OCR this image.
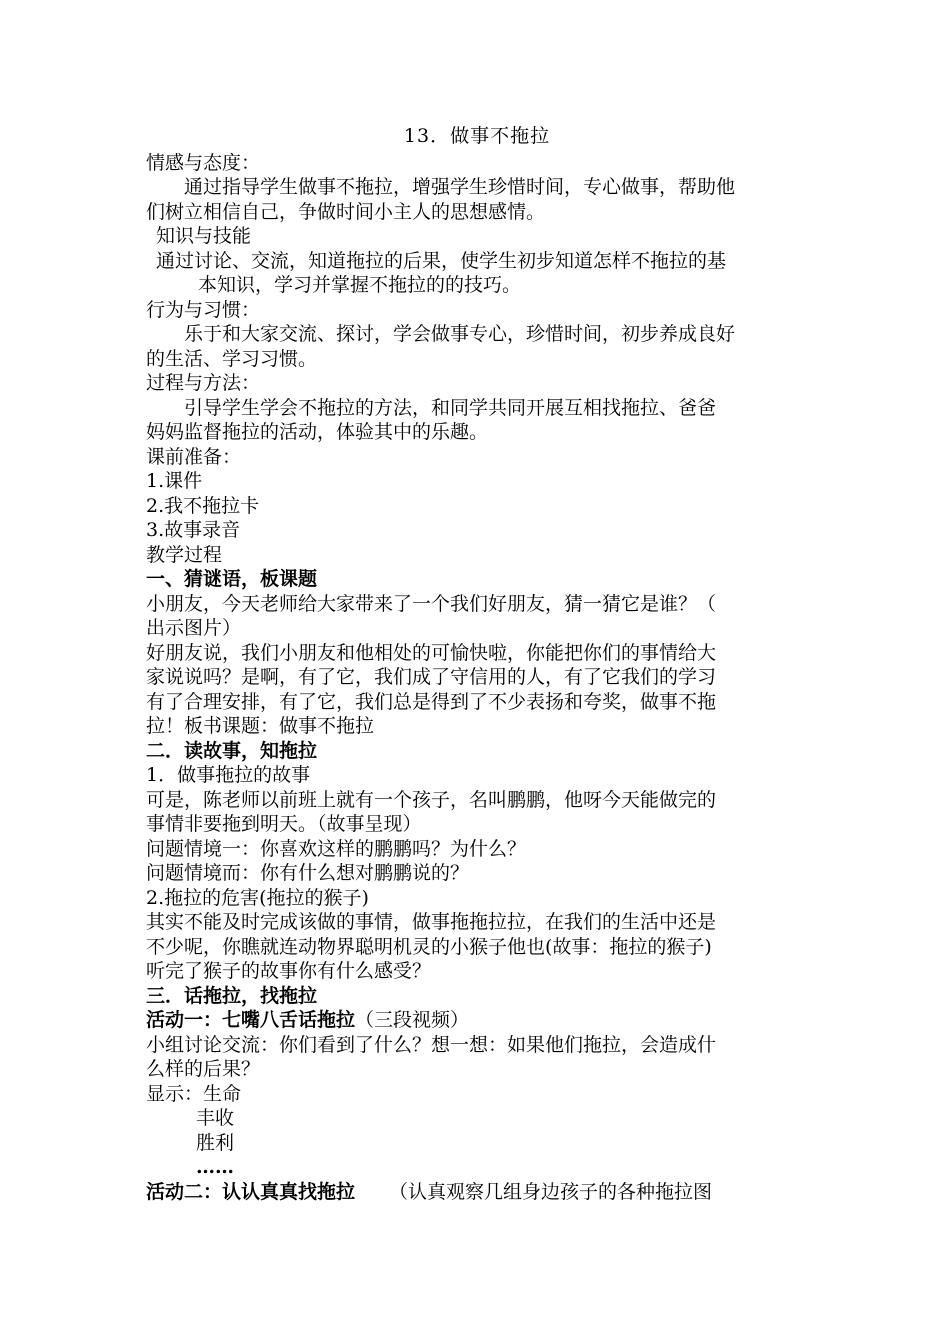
13．做事不拖拉
情感与态度：
通过指导学生做事不拖拉，增强学生珍惜时间，专心做事，帮助他
们树立相信自己，争做时间小主人的思想感情。
知识与技能
通过讨论、交流，知道拖拉的后果，使学生初步知道怎样不拖拉的基
本知识，学习并掌握不拖拉的的技巧。
行为与习惯：
乐于和大家交流、探讨，学会做事专心，珍惜时间，初步养成良好
的生活、学习习惯。
过程与方法：
引导学生学会不拖拉的方法，和同学共同开展互相找拖拉、爸爸
妈妈监督拖拉的活动，体验其中的乐趣。
课前准备：
1.课件
2.我不拖拉卡
3.故事录音
教学过程
一、猜谜语，板课题
小朋友，今天老师给大家带来了一个我们好朋友，猜一猜它是谁？（
出示图片）
好朋友说，我们小朋友和他相处的可愉快啦，你能把你们的事情给大
家说说吗？是啊，有了它，我们成了守信用的人，有了它我们的学习
有了合理安排，有了它，我们总是得到了不少表扬和夸奖，做事不拖
拉！板书课题：做事不拖拉
二．读故事，知拖拉
1．做事拖拉的故事
可是，陈老师以前班上就有一个孩子，名叫鹏鹏，他呀今天能做完的
事情非要拖到明天。（故事呈现）
问题情境一：你喜欢这样的鹏鹏吗？为什么？
问题情境而：你有什么想对鹏鹏说的？
2.拖拉的危害(拖拉的猴子)
其实不能及时完成该做的事情，做事拖拖拉拉，在我们的生活中还是
不少呢，你瞧就连动物界聪明机灵的小猴子他也(故事：拖拉的猴子)
听完了猴子的故事你有什么感受？
三．话拖拉，找拖拉
活动一：七嘴八舌话拖拉（三段视频）
小组讨论交流：你们看到了什么？想一想：如果他们拖拉，会造成什
么样的后果？
显示：生命
丰收
胜利
……
活动二：认认真真找拖拉 （认真观察几组身边孩子的各种拖拉图
